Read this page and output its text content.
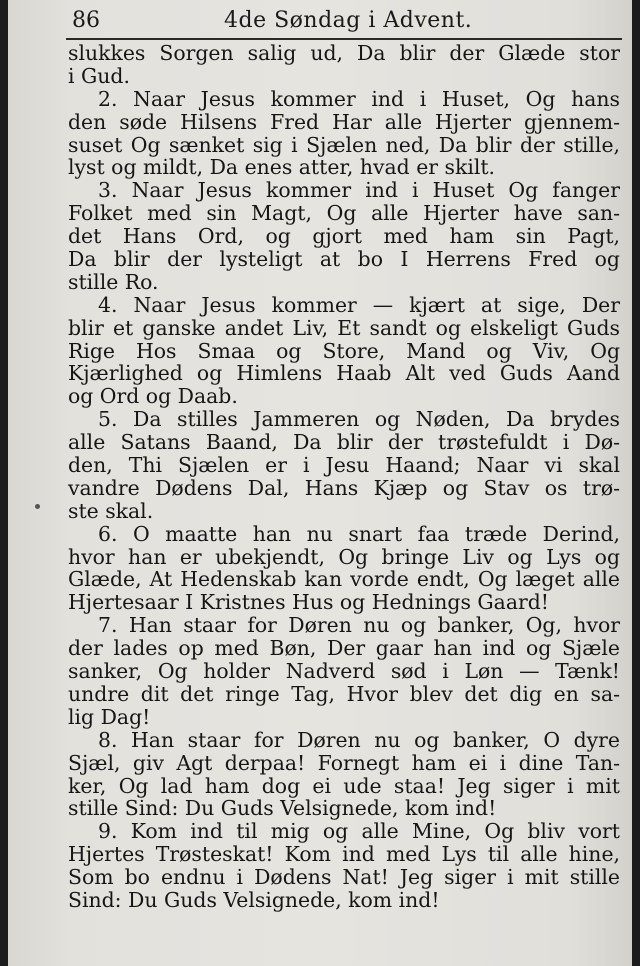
86	4de Søndag i Advent.
slukkes Sorgen salig ud, Da blir der Glæde stor
i Gud.
2. Naar Jesus kommer ind i Huset, Og hans
den søde Hilsens Fred Har alle Hjerter gjennem-
suset Og sænket sig i Sjælen ned, Da blir der stille,
lyst og mildt, Da enes atter, hvad er skilt.
3. Naar Jesus kommer ind i Huset Og fanger
Folket med sin Magt, Og alle Hjerter have san-
det Hans Ord, og gjort med ham sin Pagt,
Da blir der lysteligt at bo I Herrens Fred og
stille Ro.
4. Naar Jesus kommer — kjært at sige, Der
blir et ganske andet Liv, Et sandt og elskeligt Guds
Rige Hos Smaa og Store, Mand og Viv, Og
Kjærlighed og Himlens Haab Alt ved Guds Aand
og Ord og Daab.
5. Da stilles Jammeren og Nøden, Da brydes
alle Satans Baand, Da blir der trøstefuldt i Dø-
den, Thi Sjælen er i Jesu Haand; Naar vi skal
vandre Dødens Dal, Hans Kjæp og Stav os trø-
ste skal.
6. O maatte han nu snart faa træde Derind,
hvor han er ubekjendt, Og bringe Liv og Lys og
Glæde, At Hedenskab kan vorde endt, Og læget alle
Hjertesaar I Kristnes Hus og Hednings Gaard!
7. Han staar for Døren nu og banker, Og, hvor
der lades op med Bøn, Der gaar han ind og Sjæle
sanker, Og holder Nadverd sød i Løn — Tænk!
undre dit det ringe Tag, Hvor blev det dig en sa-
lig Dag!
8. Han staar for Døren nu og banker, O dyre
Sjæl, giv Agt derpaa! Fornegt ham ei i dine Tan-
ker, Og lad ham dog ei ude staa! Jeg siger i mit
stille Sind: Du Guds Velsignede, kom ind!
9. Kom ind til mig og alle Mine, Og bliv vort
Hjertes Trøsteskat! Kom ind med Lys til alle hine,
Som bo endnu i Dødens Nat! Jeg siger i mit stille
Sind: Du Guds Velsignede, kom ind!
